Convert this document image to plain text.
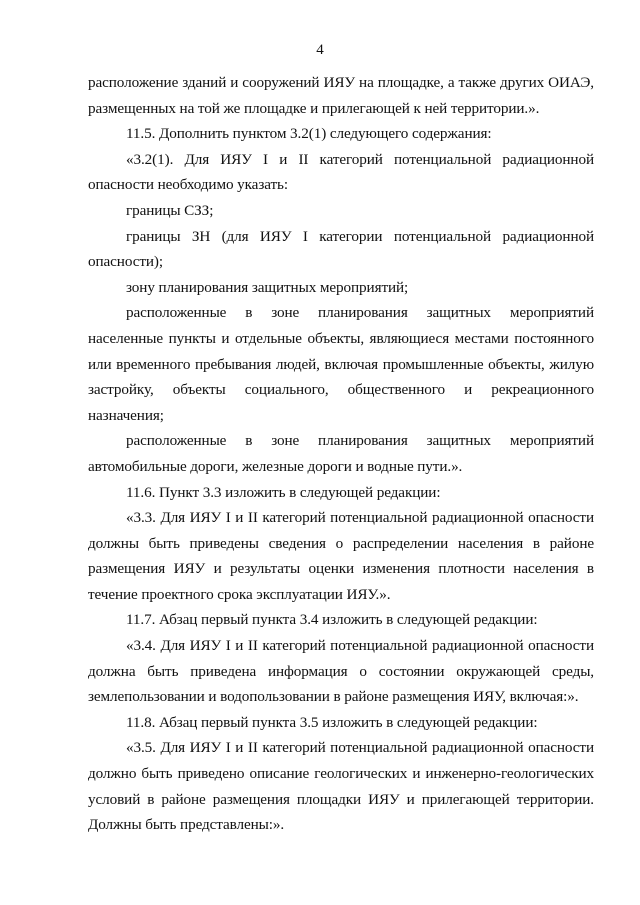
4

расположение зданий и сооружений ИЯУ на площадке, а также других ОИАЭ, размещенных на той же площадке и прилегающей к ней территории.».

11.5. Дополнить пунктом 3.2(1) следующего содержания:

«3.2(1). Для ИЯУ I и II категорий потенциальной радиационной опасности необходимо указать:

границы СЗЗ;

границы ЗН (для ИЯУ I категории потенциальной радиационной опасности);

зону планирования защитных мероприятий;

расположенные в зоне планирования защитных мероприятий населенные пункты и отдельные объекты, являющиеся местами постоянного или временного пребывания людей, включая промышленные объекты, жилую застройку, объекты социального, общественного и рекреационного назначения;

расположенные в зоне планирования защитных мероприятий автомобильные дороги, железные дороги и водные пути.».

11.6. Пункт 3.3 изложить в следующей редакции:

«3.3. Для ИЯУ I и II категорий потенциальной радиационной опасности должны быть приведены сведения о распределении населения в районе размещения ИЯУ и результаты оценки изменения плотности населения в течение проектного срока эксплуатации ИЯУ.».

11.7. Абзац первый пункта 3.4 изложить в следующей редакции:

«3.4. Для ИЯУ I и II категорий потенциальной радиационной опасности должна быть приведена информация о состоянии окружающей среды, землепользовании и водопользовании в районе размещения ИЯУ, включая:».

11.8. Абзац первый пункта 3.5 изложить в следующей редакции:

«3.5. Для ИЯУ I и II категорий потенциальной радиационной опасности должно быть приведено описание геологических и инженерно-геологических условий в районе размещения площадки ИЯУ и прилегающей территории. Должны быть представлены:».
